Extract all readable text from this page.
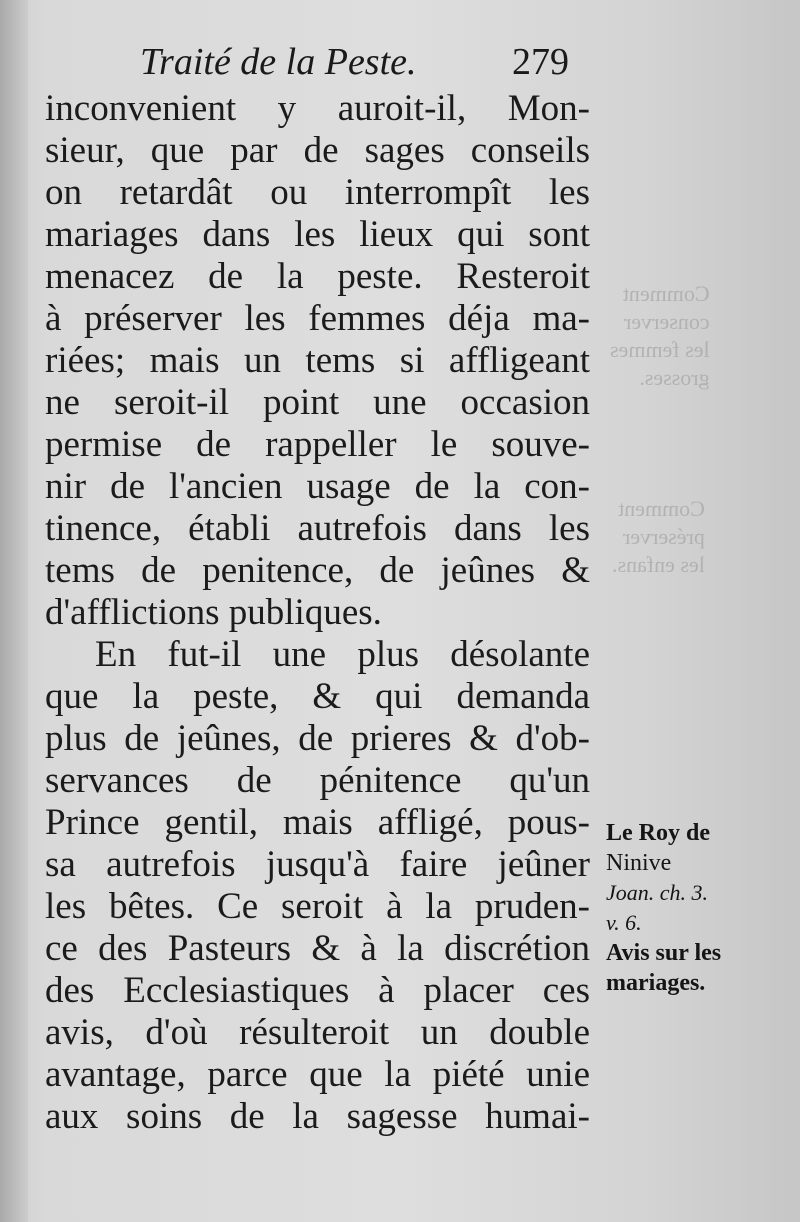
Comment
conserver
les femmes
grosses.
Comment
préserver
les enfans.
Traité de la Peste.	279
inconvenient y auroit-il, Mon-
sieur, que par de sages conseils
on retardât ou interrompît les
mariages dans les lieux qui sont
menacez de la peste. Resteroit
à préserver les femmes déja ma-
riées; mais un tems si affligeant
ne seroit-il point une occasion
permise de rappeller le souve-
nir de l'ancien usage de la con-
tinence, établi autrefois dans les
tems de penitence, de jeûnes &
d'afflictions publiques.
En fut-il une plus désolante
que la peste, & qui demanda
plus de jeûnes, de prieres & d'ob-
servances de pénitence qu'un
Prince gentil, mais affligé, pous-
sa autrefois jusqu'à faire jeûner
les bêtes. Ce seroit à la pruden-
ce des Pasteurs & à la discrétion
des Ecclesiastiques à placer ces
avis, d'où résulteroit un double
avantage, parce que la piété unie
aux soins de la sagesse humai-
Le Roy de
Ninive
Joan. ch. 3.
v. 6.
Avis sur les
mariages.
